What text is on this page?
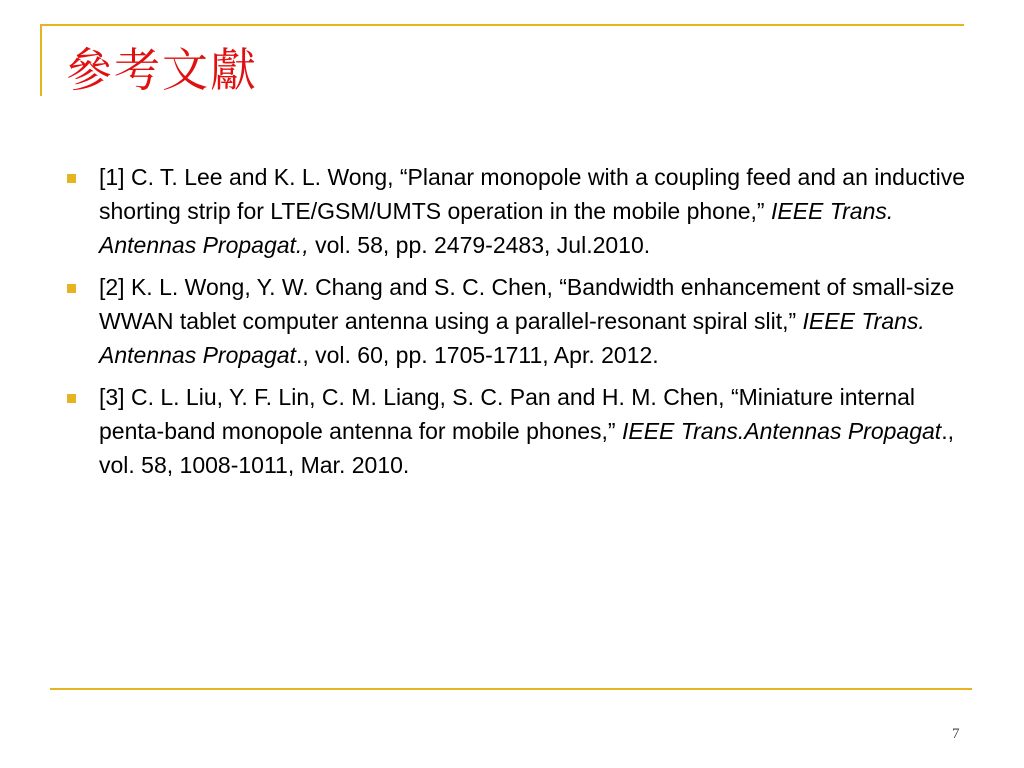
參考文獻
[1] C. T. Lee and K. L. Wong, “Planar monopole with a coupling feed and an inductive shorting strip for LTE/GSM/UMTS operation in the mobile phone,” IEEE Trans. Antennas Propagat., vol. 58, pp. 2479-2483, Jul.2010.
[2] K. L. Wong, Y. W. Chang and S. C. Chen, “Bandwidth enhancement of small-size WWAN tablet computer antenna using a parallel-resonant spiral slit,” IEEE Trans. Antennas Propagat., vol. 60, pp. 1705-1711, Apr. 2012.
[3] C. L. Liu, Y. F. Lin, C. M. Liang, S. C. Pan and H. M. Chen, “Miniature internal penta-band monopole antenna for mobile phones,” IEEE Trans.Antennas Propagat., vol. 58, 1008-1011, Mar. 2010.
7
